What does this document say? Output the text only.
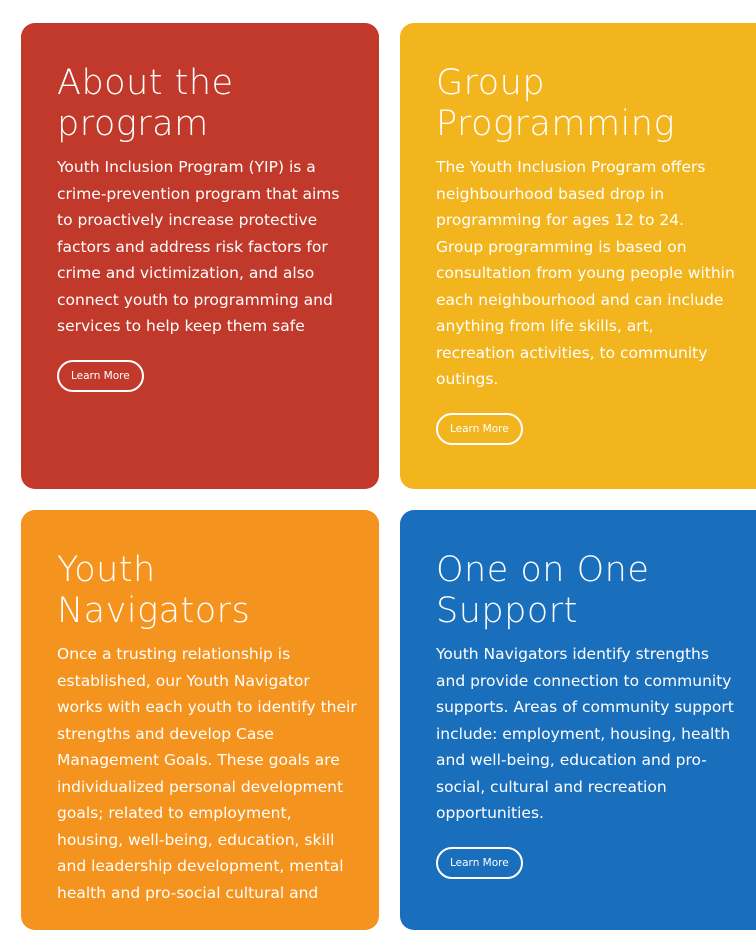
About the
program

Youth Inclusion Program (YIP) is a crime-prevention program that aims to proactively increase protective factors and address risk factors for crime and victimization, and also connect youth to programming and services to help keep them safe

Learn More
Group
Programming

The Youth Inclusion Program offers neighbourhood based drop in programming for ages 12 to 24. Group programming is based on consultation from young people within each neighbourhood and can include anything from life skills, art, recreation activities, to community outings.

Learn More
Youth
Navigators

Once a trusting relationship is established, our Youth Navigator works with each youth to identify their strengths and develop Case Management Goals. These goals are individualized personal development goals; related to employment, housing, well-being, education, skill and leadership development, mental health and pro-social cultural and

One on One
Support

Youth Navigators identify strengths and provide connection to community supports. Areas of community support include: employment, housing, health and well-being, education and pro-social, cultural and recreation opportunities.

Learn More
